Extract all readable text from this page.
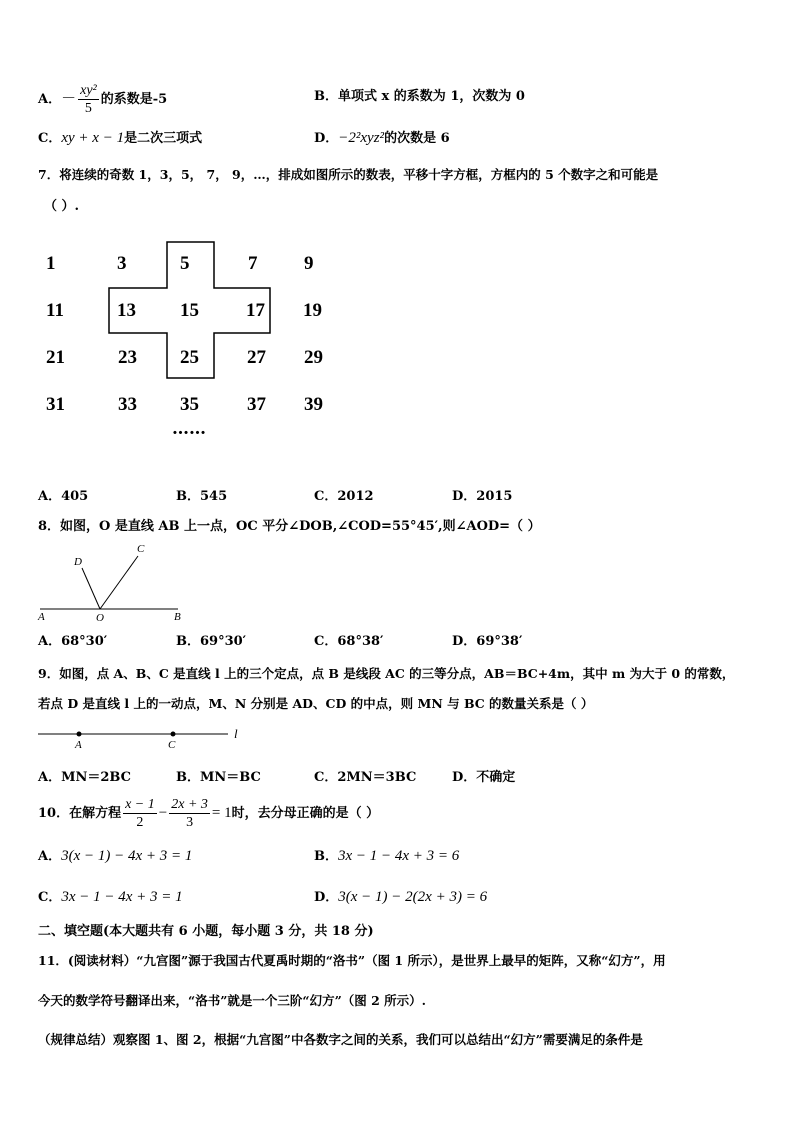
A．－ $\frac{\text{xy²}}{5}$ 的系数是-5	B．单项式 x 的系数为 1，次数为 0
C．xy + x − 1是二次三项式	D．−2²xyz²的次数是 6
7．将连续的奇数 1，3，5， 7， 9，…，排成如图所示的数表，平移十字方框，方框内的 5 个数字之和可能是
（ ）.
1	3	5	7 9
11	13 15 17 19
21	23 25	27 29
31	33 35	37 39
……
A．405	B．545	C．2012	D．2015
8．如图，O 是直线 AB 上一点，OC 平分∠DOB,∠COD=55°45′,则∠AOD=（ ）
D
C
A	O	B
A．68°30′	B．69°30′	C．68°38′	D．69°38′
9．如图，点 A、B、C 是直线 l 上的三个定点，点 B 是线段 AC 的三等分点，AB＝BC+4m，其中 m 为大于 0 的常数，
若点 D 是直线 l 上的一动点，M、N 分别是 AD、CD 的中点，则 MN 与 BC 的数量关系是（ ）
A	C
l
A．MN＝2BC	B．MN＝BC	C．2MN＝3BC	D．不确定
10．在解方程 $\frac{x - 1}{2} - \frac{2x + 3}{3} = 1$时，去分母正确的是（ ）
A．3(x − 1) − 4x + 3 = 1	B．3x − 1 − 4x + 3 = 6
C．3x − 1 − 4x + 3 = 1	D．3(x − 1) − 2(2x + 3) = 6
二、填空题(本大题共有 6 小题，每小题 3 分，共 18 分)
11．(阅读材料）“九宫图”源于我国古代夏禹时期的“洛书”（图 1 所示），是世界上最早的矩阵，又称“幻方”，用
今天的数学符号翻译出来，“洛书”就是一个三阶“幻方”（图 2 所示）.
（规律总结）观察图 1、图 2，根据“九宫图”中各数字之间的关系，我们可以总结出“幻方”需要满足的条件是
